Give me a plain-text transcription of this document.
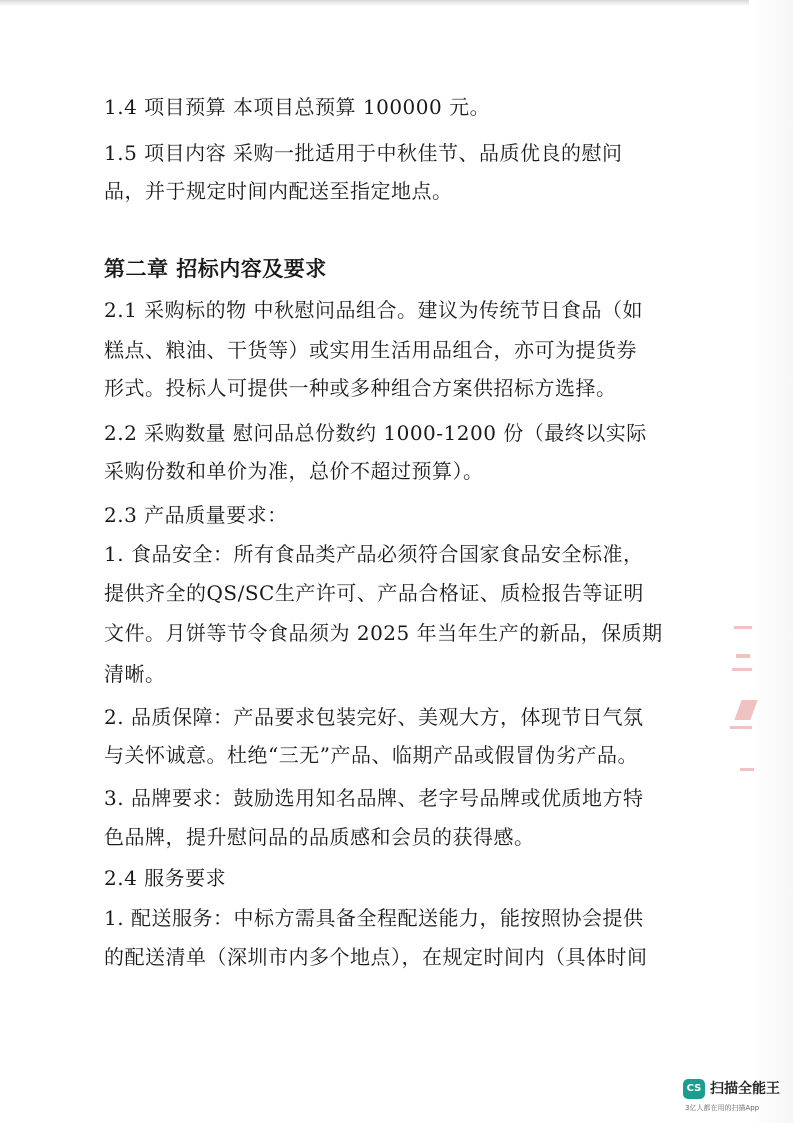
1.4 项目预算 本项目总预算 100000 元。
1.5 项目内容 采购一批适用于中秋佳节、品质优良的慰问
品，并于规定时间内配送至指定地点。
第二章 招标内容及要求
2.1 采购标的物 中秋慰问品组合。建议为传统节日食品（如
糕点、粮油、干货等）或实用生活用品组合，亦可为提货券
形式。投标人可提供一种或多种组合方案供招标方选择。
2.2 采购数量 慰问品总份数约 1000-1200 份（最终以实际
采购份数和单价为准，总价不超过预算）。
2.3 产品质量要求：
1. 食品安全：所有食品类产品必须符合国家食品安全标准，
提供齐全的QS/SC生产许可、产品合格证、质检报告等证明
文件。月饼等节令食品须为 2025 年当年生产的新品，保质期
清晰。
2. 品质保障：产品要求包装完好、美观大方，体现节日气氛
与关怀诚意。杜绝“三无”产品、临期产品或假冒伪劣产品。
3. 品牌要求：鼓励选用知名品牌、老字号品牌或优质地方特
色品牌，提升慰问品的品质感和会员的获得感。
2.4 服务要求
1. 配送服务：中标方需具备全程配送能力，能按照协会提供
的配送清单（深圳市内多个地点），在规定时间内（具体时间
CS 扫描全能王
3亿人都在用的扫描App
